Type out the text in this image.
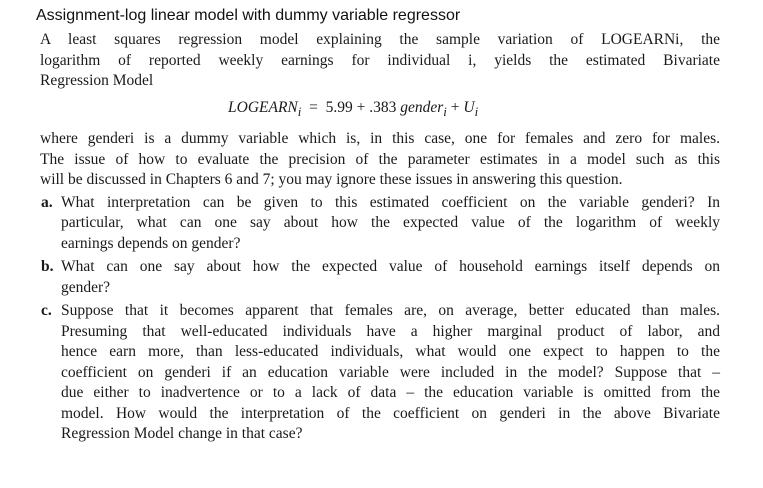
Assignment-log linear model with dummy variable regressor
A least squares regression model explaining the sample variation of LOGEARNi, the
logarithm of reported weekly earnings for individual i, yields the estimated Bivariate
Regression Model
$LOGEARN_i = 5.99 + .383$ gender$_i$ + $U_i$
where genderi is a dummy variable which is, in this case, one for females and zero for males.
The issue of how to evaluate the precision of the parameter estimates in a model such as this
will be discussed in Chapters 6 and 7; you may ignore these issues in answering this question.
a. What interpretation can be given to this estimated coefficient on the variable genderi? In
particular, what can one say about how the expected value of the logarithm of weekly
earnings depends on gender?
b. What can one say about how the expected value of household earnings itself depends on
gender?
c. Suppose that it becomes apparent that females are, on average, better educated than males.
Presuming that well-educated individuals have a higher marginal product of labor, and
hence earn more, than less-educated individuals, what would one expect to happen to the
coefficient on genderi if an education variable were included in the model? Suppose that –
due either to inadvertence or to a lack of data – the education variable is omitted from the
model. How would the interpretation of the coefficient on genderi in the above Bivariate
Regression Model change in that case?
